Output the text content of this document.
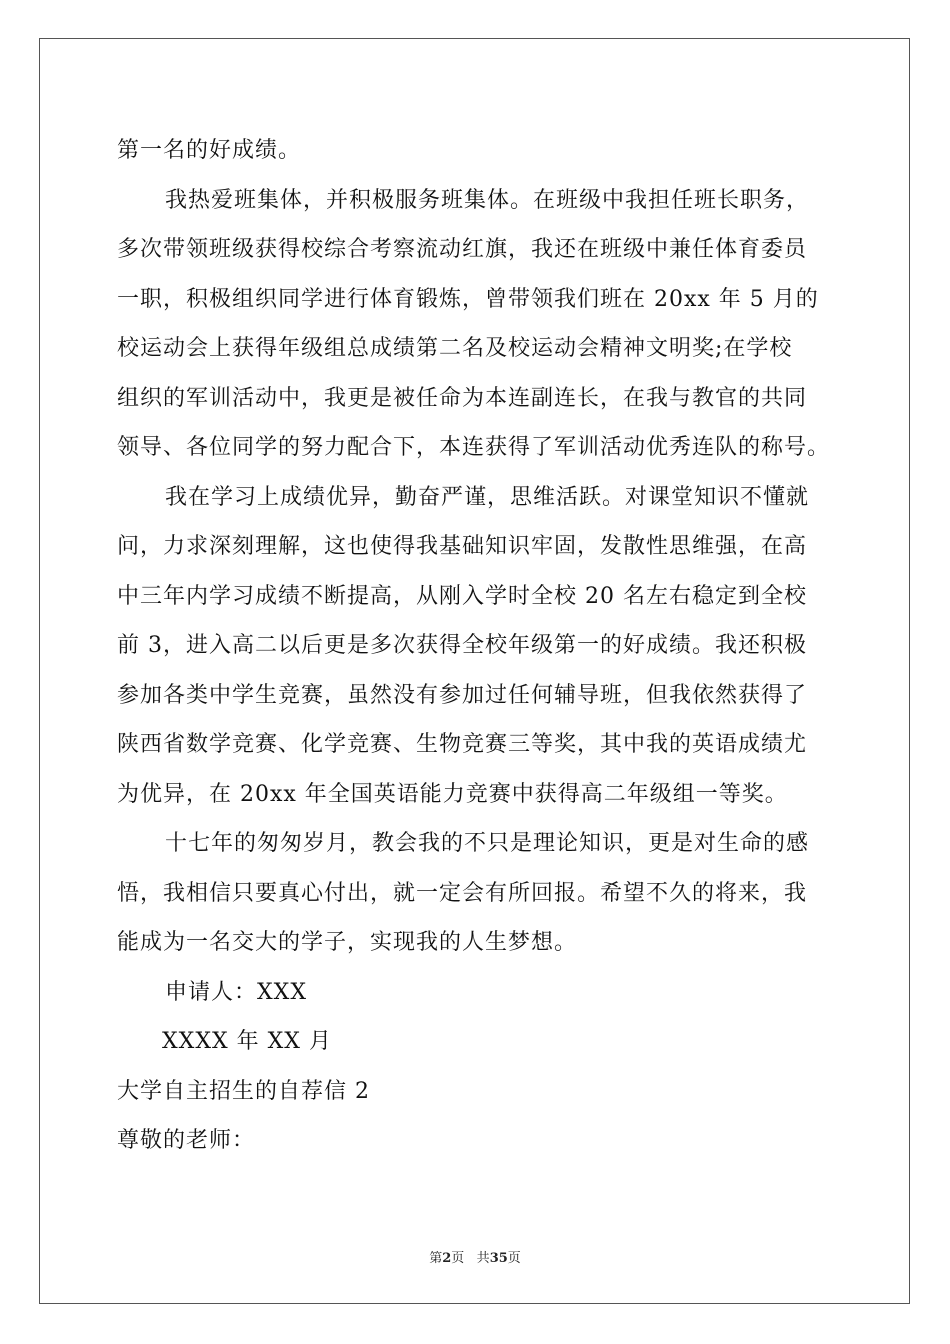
第一名的好成绩。
我热爱班集体，并积极服务班集体。在班级中我担任班长职务，
多次带领班级获得校综合考察流动红旗，我还在班级中兼任体育委员
一职，积极组织同学进行体育锻炼，曾带领我们班在 20xx 年 5 月的
校运动会上获得年级组总成绩第二名及校运动会精神文明奖;在学校
组织的军训活动中，我更是被任命为本连副连长，在我与教官的共同
领导、各位同学的努力配合下，本连获得了军训活动优秀连队的称号。
我在学习上成绩优异，勤奋严谨，思维活跃。对课堂知识不懂就
问，力求深刻理解，这也使得我基础知识牢固，发散性思维强，在高
中三年内学习成绩不断提高，从刚入学时全校 20 名左右稳定到全校
前 3，进入高二以后更是多次获得全校年级第一的好成绩。我还积极
参加各类中学生竞赛，虽然没有参加过任何辅导班，但我依然获得了
陕西省数学竞赛、化学竞赛、生物竞赛三等奖，其中我的英语成绩尤
为优异，在 20xx 年全国英语能力竞赛中获得高二年级组一等奖。
十七年的匆匆岁月，教会我的不只是理论知识，更是对生命的感
悟，我相信只要真心付出，就一定会有所回报。希望不久的将来，我
能成为一名交大的学子，实现我的人生梦想。
申请人：XXX
XXXX 年 XX 月
大学自主招生的自荐信 2
尊敬的老师：
第2页 共35页
